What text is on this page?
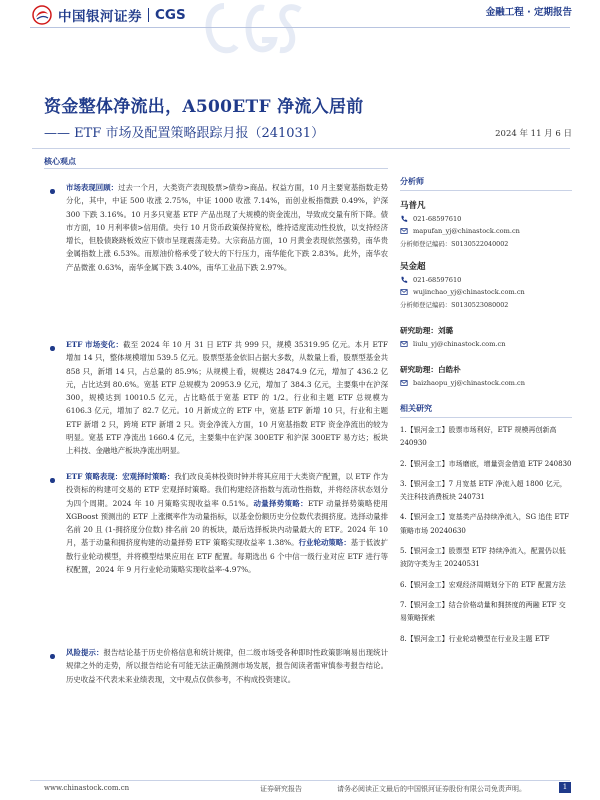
中国银河证券 CGS	金融工程 · 定期报告
资金整体净流出，A500ETF 净流入居前
—— ETF 市场及配置策略跟踪月报（241031）	2024 年 11 月 6 日
核心观点
市场表现回顾：过去一个月，大类资产表现股票>债券>商品。权益方面，10 月主要宽基指数走势分化，其中，中证 500 收涨 2.75%，中证 1000 收涨 7.14%，而创业板指微跌 0.49%，沪深 300 下跌 3.16%。10 月多只宽基 ETF 产品出现了大规模的资金流出，导致成交量有所下降。债市方面，10 月利率债>信用债。央行 10 月货币政策保持宽松，维持适度流动性投放，以支持经济增长，但股债跷跷板效应下债市呈现震荡走势。大宗商品方面，10 月黄金表现依然强势，南华贵金属指数上涨 6.53%。而原油价格承受了较大的下行压力，南华能化下跌 2.83%。此外，南华农产品微涨 0.63%，南华金属下跌 3.40%，南华工业品下跌 2.97%。
ETF 市场变化：截至 2024 年 10 月 31 日 ETF 共 999 只，规模 35319.95 亿元。本月 ETF 增加 14 只，整体规模增加 539.5 亿元。股票型基金依旧占据大多数，从数量上看，股票型基金共 858 只，新增 14 只，占总量的 85.9%；从规模上看，规模达 28474.9 亿元，增加了 436.2 亿元，占比达到 80.6%。宽基 ETF 总规模为 20953.9 亿元，增加了 384.3 亿元，主要集中在沪深 300，规模达到 10010.5 亿元，占比略低于宽基 ETF 的 1/2。行业和主题 ETF 总规模为 6106.3 亿元，增加了 82.7 亿元。10 月新成立的 ETF 中，宽基 ETF 新增 10 只，行业和主题 ETF 新增 2 只，跨境 ETF 新增 2 只。资金净流入方面，10 月宽基指数 ETF 资金净流出的较为明显。宽基 ETF 净流出 1660.4 亿元，主要集中在沪深 300ETF 和沪深 300ETF 易方达；板块上科技、金融地产板块净流出明显。
ETF 策略表现：宏观择时策略：我们改良美林投资时钟并将其应用于大类资产配置，以 ETF 作为投资标的构建可交易的 ETF 宏观择时策略。我们构建经济指数与流动性指数，并将经济状态划分为四个周期。2024 年 10 月策略实现收益率 0.51%。动量择势策略：ETF 动量择势策略使用 XGBoost 预测出的 ETF 上涨概率作为动量指标，以基金份额历史分位数代表拥挤度。选择动量排名前 20 且 (1-拥挤度分位数) 排名前 20 的板块，最后选择板块内动量最大的 ETF。2024 年 10 月，基于动量和拥挤度构建的动量择势 ETF 策略实现收益率 1.38%。行业轮动策略：基于低波扩散行业轮动模型，并将模型结果应用在 ETF 配置。每期选出 6 个中信一级行业对应 ETF 进行等权配置，2024 年 9 月行业轮动策略实现收益率-4.97%。
风险提示：报告结论基于历史价格信息和统计规律，但二级市场受各种即时性政策影响易出现统计规律之外的走势，所以报告结论有可能无法正确预测市场发展，报告阅读者需审慎参考报告结论。历史收益不代表未来业绩表现，文中观点仅供参考，不构成投资建议。
分析师
马普凡
021-68597610
mapufan_yj@chinastock.com.cn
分析师登记编码：S0130522040002
吴金超
021-68597610
wujinchao_yj@chinastock.com.cn
分析师登记编码：S0130523080002
研究助理：刘璐
liulu_yj@chinastock.com.cn
研究助理：白皓朴
baizhaopu_yj@chinastock.com.cn
相关研究
1.【银河金工】股票市场利好，ETF 规模再创新高 240930
2.【银河金工】市场磨底，增量资金借道 ETF 240830
3.【银河金工】7 月宽基 ETF 净流入超 1800 亿元，关注科技消费板块 240731
4.【银河金工】宽基类产品持续净流入，SG 追佳 ETF 策略市场 20240630
5.【银河金工】股票型 ETF 持续净流入，配置仍以低波防守类为主 20240531
6.【银河金工】宏观经济周期划分下的 ETF 配置方法
7.【银河金工】结合价格动量和拥挤度的两融 ETF 交易策略探索
8.【银河金工】行业轮动模型在行业及主题 ETF
www.chinastock.com.cn	证券研究报告	请务必阅读正文最后的中国银河证券股份有限公司免责声明。	1
